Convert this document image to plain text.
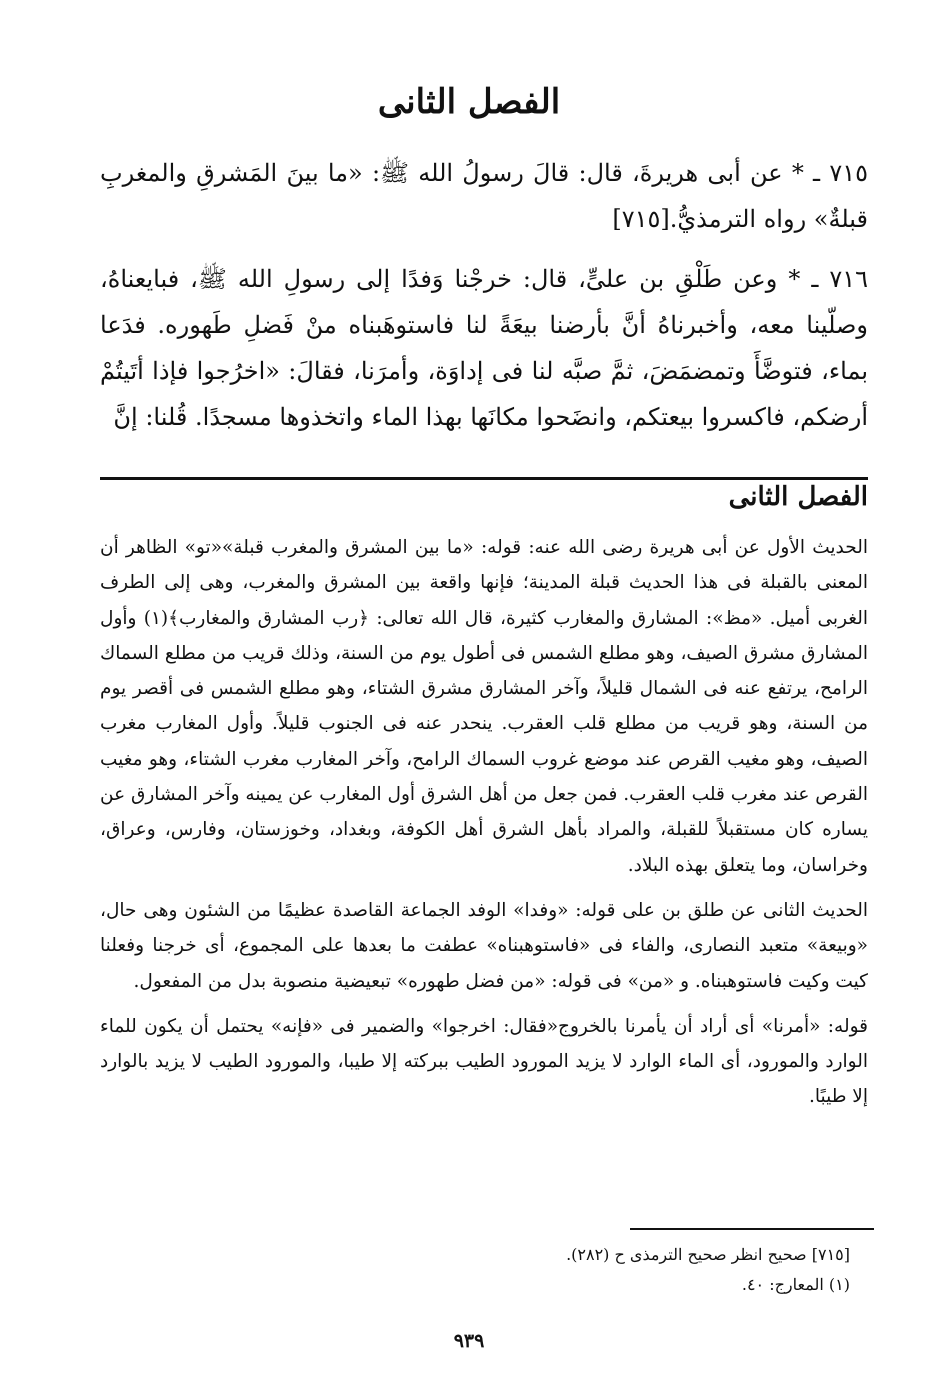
الفصل الثانى

٧١٥ ـ * عن أبى هريرةَ، قال: قالَ رسولُ الله ﷺ: «ما بينَ المَشرقِ والمغربِ قبلةٌ» رواه الترمذيُّ.[٧١٥]

٧١٦ ـ * وعن طَلْقِ بن علىٍّ، قال: خرجْنا وَفدًا إلى رسولِ الله ﷺ، فبايعناهُ، وصلّينا معه، وأخبرناهُ أنَّ بأرضنا بيعَةً لنا فاستوهَبناه منْ فَضلِ طَهوره. فدَعا بماء، فتوضَّأَ وتمضمَضَ، ثمَّ صبَّه لنا فى إداوَة، وأمرَنا، فقالَ: «اخرُجوا فإذا أتَيتُمْ أرضكم، فاكسروا بيعتكم، وانضَحوا مكانَها بهذا الماء واتخذوها مسجدًا. قُلنا: إنَّ

الفصل الثانى

الحديث الأول عن أبى هريرة رضى الله عنه: قوله: «ما بين المشرق والمغرب قبلة»«تو» الظاهر أن المعنى بالقبلة فى هذا الحديث قبلة المدينة؛ فإنها واقعة بين المشرق والمغرب، وهى إلى الطرف الغربى أميل. «مظ»: المشارق والمغارب كثيرة، قال الله تعالى: ﴿رب المشارق والمغارب﴾(١) وأول المشارق مشرق الصيف، وهو مطلع الشمس فى أطول يوم من السنة، وذلك قريب من مطلع السماك الرامح، يرتفع عنه فى الشمال قليلاً، وآخر المشارق مشرق الشتاء، وهو مطلع الشمس فى أقصر يوم من السنة، وهو قريب من مطلع قلب العقرب. ينحدر عنه فى الجنوب قليلاً. وأول المغارب مغرب الصيف، وهو مغيب القرص عند موضع غروب السماك الرامح، وآخر المغارب مغرب الشتاء، وهو مغيب القرص عند مغرب قلب العقرب. فمن جعل من أهل الشرق أول المغارب عن يمينه وآخر المشارق عن يساره كان مستقبلاً للقبلة، والمراد بأهل الشرق أهل الكوفة، وبغداد، وخوزستان، وفارس، وعراق، وخراسان، وما يتعلق بهذه البلاد.

الحديث الثانى عن طلق بن على قوله: «وفدا» الوفد الجماعة القاصدة عظيمًا من الشئون وهى حال، «وبيعة» متعبد النصارى، والفاء فى «فاستوهبناه» عطفت ما بعدها على المجموع، أى خرجنا وفعلنا كيت وكيت فاستوهبناه. و «من» فى قوله: «من فضل طهوره» تبعيضية منصوبة بدل من المفعول.

قوله: «أمرنا» أى أراد أن يأمرنا بالخروج«فقال: اخرجوا» والضمير فى «فإنه» يحتمل أن يكون للماء الوارد والمورود، أى الماء الوارد لا يزيد المورود الطيب ببركته إلا طيبا، والمورود الطيب لا يزيد بالوارد إلا طيبًا.

[٧١٥] صحيح انظر صحيح الترمذى ح (٢٨٢).
(١) المعارج: ٤٠.
٩٣٩
